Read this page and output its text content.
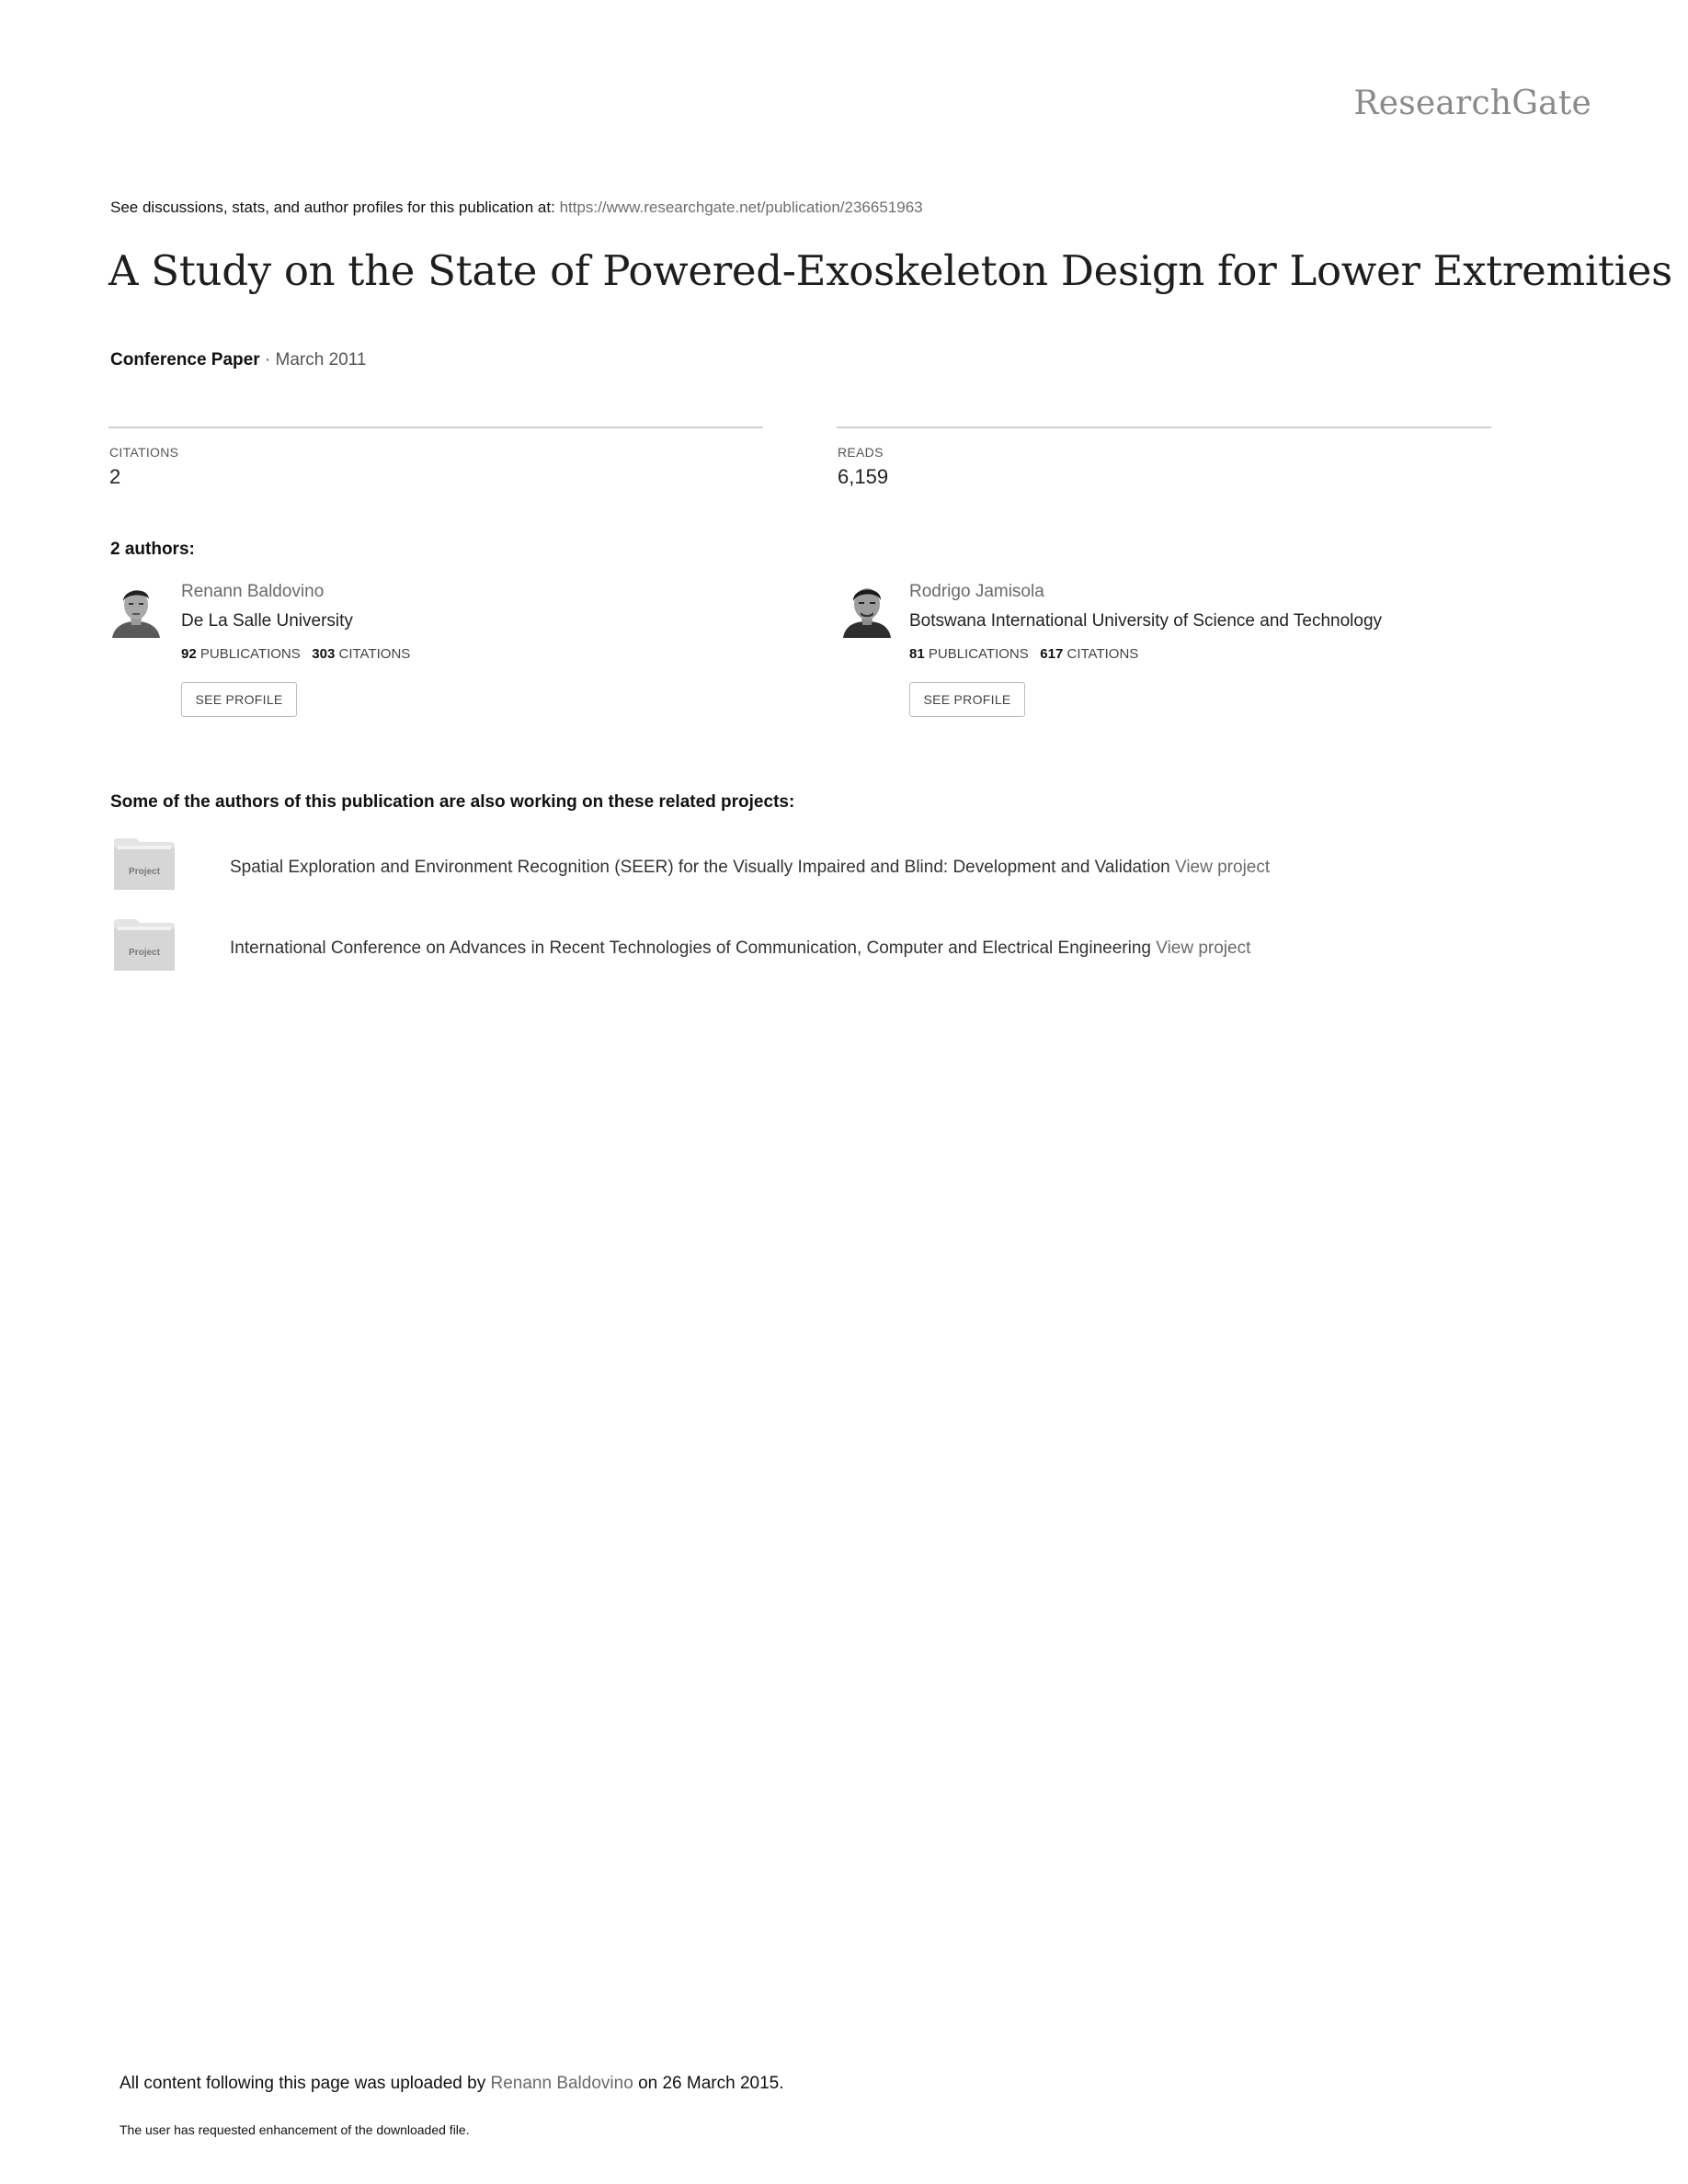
ResearchGate
See discussions, stats, and author profiles for this publication at: https://www.researchgate.net/publication/236651963
A Study on the State of Powered-Exoskeleton Design for Lower Extremities
Conference Paper · March 2011
CITATIONS
2
READS
6,159
2 authors:
Renann Baldovino
De La Salle University
92 PUBLICATIONS 303 CITATIONS
SEE PROFILE
Rodrigo Jamisola
Botswana International University of Science and Technology
81 PUBLICATIONS 617 CITATIONS
SEE PROFILE
Some of the authors of this publication are also working on these related projects:
Project	Spatial Exploration and Environment Recognition (SEER) for the Visually Impaired and Blind: Development and Validation View project
Project	International Conference on Advances in Recent Technologies of Communication, Computer and Electrical Engineering View project
All content following this page was uploaded by Renann Baldovino on 26 March 2015.
The user has requested enhancement of the downloaded file.
